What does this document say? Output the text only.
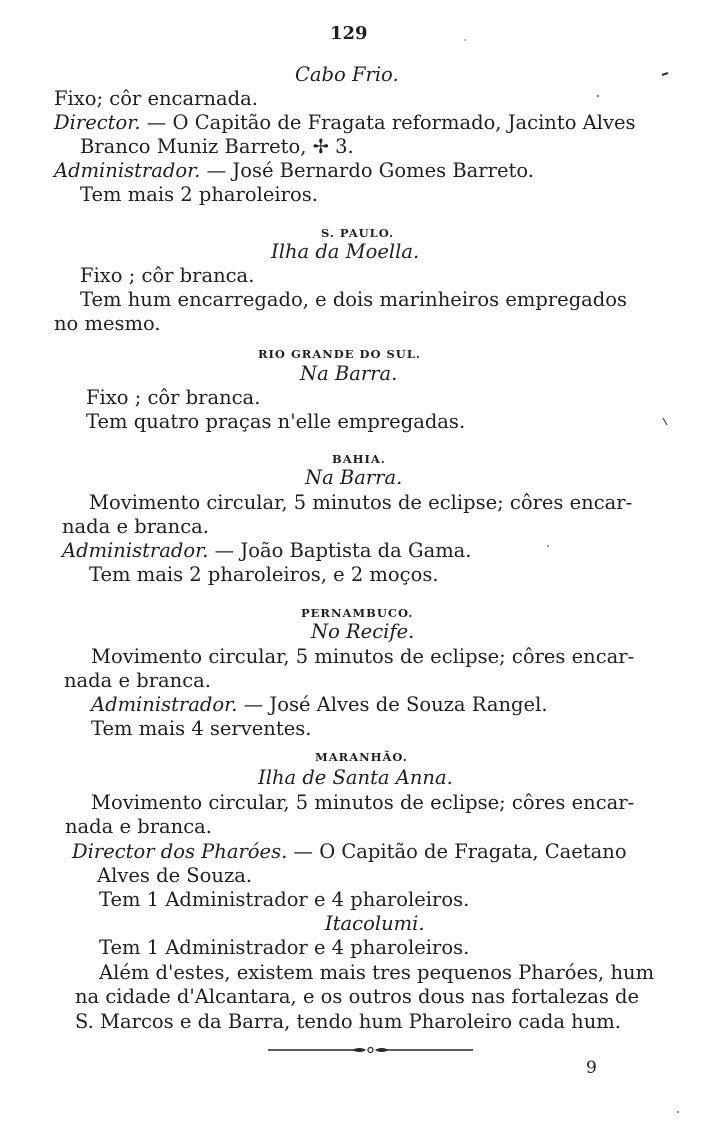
129
Cabo Frio.
Fixo; côr encarnada.
Director. — O Capitão de Fragata reformado, Jacinto Alves
Branco Muniz Barreto, ✢ 3.
Administrador. — José Bernardo Gomes Barreto.
Tem mais 2 pharoleiros.
S. PAULO.
Ilha da Moella.
Fixo ; côr branca.
Tem hum encarregado, e dois marinheiros empregados
no mesmo.
RIO GRANDE DO SUL.
Na Barra.
Fixo ; côr branca.
Tem quatro praças n'elle empregadas.
BAHIA.
Na Barra.
Movimento circular, 5 minutos de eclipse; côres encar-
nada e branca.
Administrador. — João Baptista da Gama.
Tem mais 2 pharoleiros, e 2 moços.
PERNAMBUCO.
No Recife.
Movimento circular, 5 minutos de eclipse; côres encar-
nada e branca.
Administrador. — José Alves de Souza Rangel.
Tem mais 4 serventes.
MARANHÃO.
Ilha de Santa Anna.
Movimento circular, 5 minutos de eclipse; côres encar-
nada e branca.
Director dos Pharóes. — O Capitão de Fragata, Caetano
Alves de Souza.
Tem 1 Administrador e 4 pharoleiros.
Itacolumi.
Tem 1 Administrador e 4 pharoleiros.
Além d'estes, existem mais tres pequenos Pharóes, hum
na cidade d'Alcantara, e os outros dous nas fortalezas de
S. Marcos e da Barra, tendo hum Pharoleiro cada hum.
9
